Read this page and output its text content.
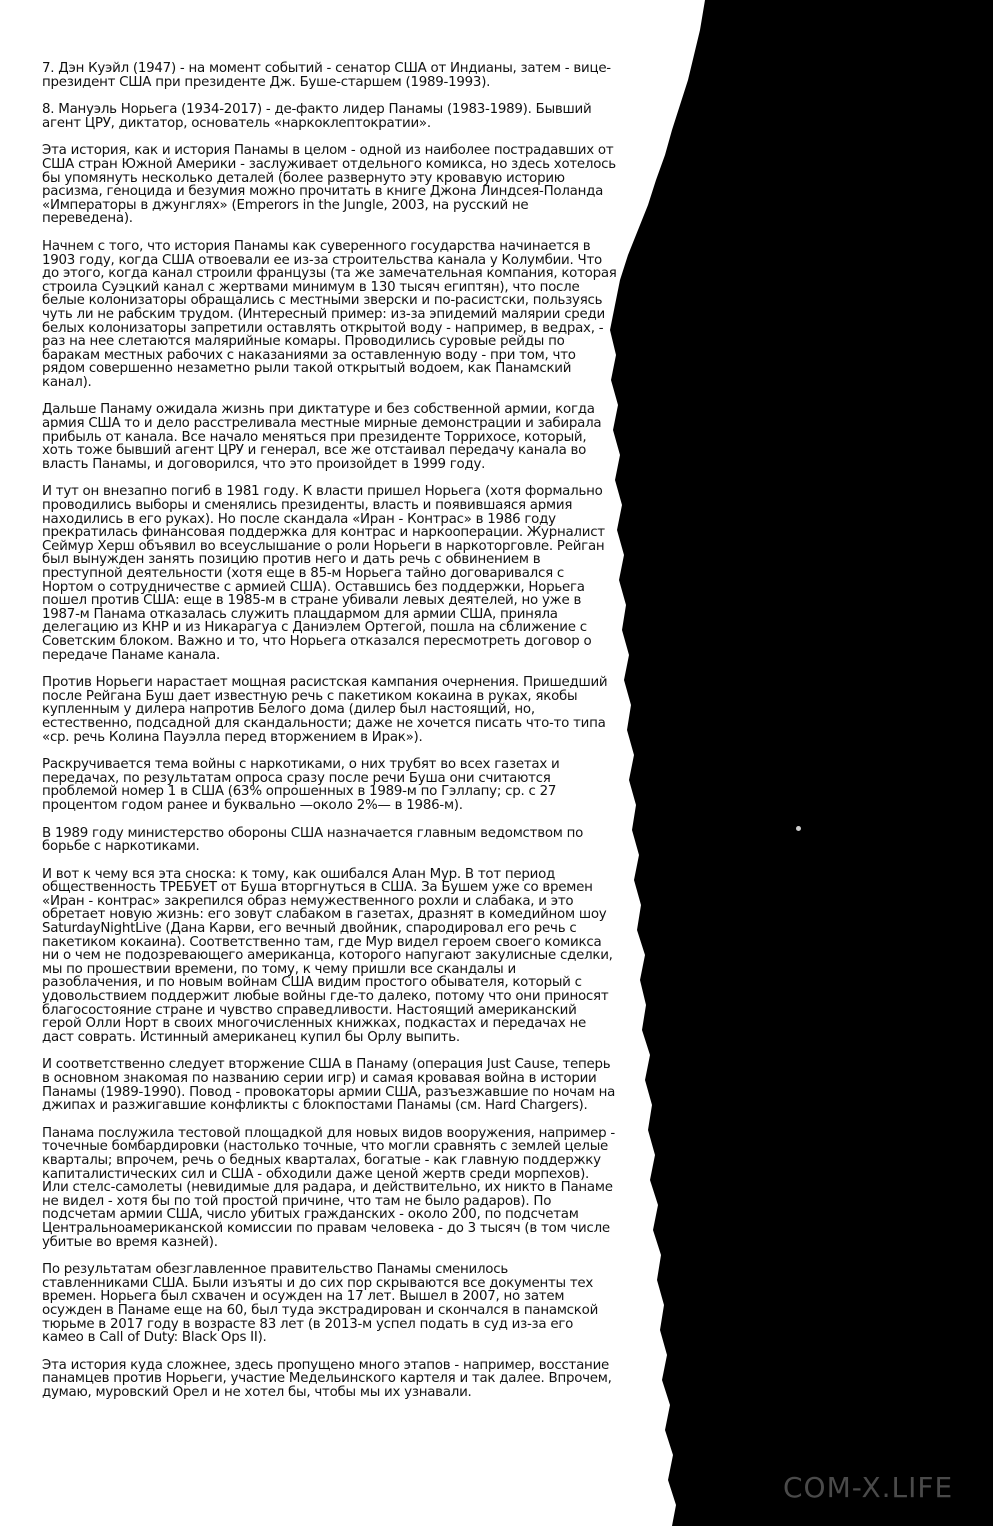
7. Дэн Куэйл (1947) - на момент событий - сенатор США от Индианы, затем - вице-президент США при президенте Дж. Буше-старшем (1989-1993).

8. Мануэль Норьега (1934-2017) - де-факто лидер Панамы (1983-1989). Бывший агент ЦРУ, диктатор, основатель «наркоклептократии».

Эта история, как и история Панамы в целом - одной из наиболее пострадавших от США стран Южной Америки - заслуживает отдельного комикса, но здесь хотелось бы упомянуть несколько деталей (более развернуто эту кровавую историю расизма, геноцида и безумия можно прочитать в книге Джона Линдсея-Поланда «Императоры в джунглях» (Emperors in the Jungle, 2003, на русский не переведена).

Начнем с того, что история Панамы как суверенного государства начинается в 1903 году, когда США отвоевали ее из-за строительства канала у Колумбии. Что до этого, когда канал строили французы (та же замечательная компания, которая строила Суэцкий канал с жертвами минимум в 130 тысяч египтян), что после белые колонизаторы обращались с местными зверски и по-расистски, пользуясь чуть ли не рабским трудом. (Интересный пример: из-за эпидемий малярии среди белых колонизаторы запретили оставлять открытой воду - например, в ведрах, - раз на нее слетаются малярийные комары. Проводились суровые рейды по баракам местных рабочих с наказаниями за оставленную воду - при том, что рядом совершенно незаметно рыли такой открытый водоем, как Панамский канал).

Дальше Панаму ожидала жизнь при диктатуре и без собственной армии, когда армия США то и дело расстреливала местные мирные демонстрации и забирала прибыль от канала. Все начало меняться при президенте Торрихосе, который, хоть тоже бывший агент ЦРУ и генерал, все же отстаивал передачу канала во власть Панамы, и договорился, что это произойдет в 1999 году.

И тут он внезапно погиб в 1981 году. К власти пришел Норьега (хотя формально проводились выборы и сменялись президенты, власть и появившаяся армия находились в его руках). Но после скандала «Иран - Контрас» в 1986 году прекратилась финансовая поддержка для контрас и наркооперации. Журналист Сеймур Херш объявил во всеуслышание о роли Норьеги в наркоторговле. Рейган был вынужден занять позицию против него и дать речь с обвинением в преступной деятельности (хотя еще в 85-м Норьега тайно договаривался с Нортом о сотрудничестве с армией США). Оставшись без поддержки, Норьега пошел против США: еще в 1985-м в стране убивали левых деятелей, но уже в 1987-м Панама отказалась служить плацдармом для армии США, приняла делегацию из КНР и из Никарагуа с Даниэлем Ортегой, пошла на сближение с Советским блоком. Важно и то, что Норьега отказался пересмотреть договор о передаче Панаме канала.

Против Норьеги нарастает мощная расистская кампания очернения. Пришедший после Рейгана Буш дает известную речь с пакетиком кокаина в руках, якобы купленным у дилера напротив Белого дома (дилер был настоящий, но, естественно, подсадной для скандальности; даже не хочется писать что-то типа «ср. речь Колина Пауэлла перед вторжением в Ирак»).

Раскручивается тема войны с наркотиками, о них трубят во всех газетах и передачах, по результатам опроса сразу после речи Буша они считаются проблемой номер 1 в США (63% опрошенных в 1989-м по Гэллапу; ср. с 27 процентом годом ранее и буквально —около 2%— в 1986-м).

В 1989 году министерство обороны США назначается главным ведомством по борьбе с наркотиками.

И вот к чему вся эта сноска: к тому, как ошибался Алан Мур. В тот период общественность ТРЕБУЕТ от Буша вторгнуться в США. За Бушем уже со времен «Иран - контрас» закрепился образ немужественного рохли и слабака, и это обретает новую жизнь: его зовут слабаком в газетах, дразнят в комедийном шоу SaturdayNightLive (Дана Карви, его вечный двойник, спародировал его речь с пакетиком кокаина). Соответственно там, где Мур видел героем своего комикса ни о чем не подозревающего американца, которого напугают закулисные сделки, мы по прошествии времени, по тому, к чему пришли все скандалы и разоблачения, и по новым войнам США видим простого обывателя, который с удовольствием поддержит любые войны где-то далеко, потому что они приносят благосостояние стране и чувство справедливости. Настоящий американский герой Олли Норт в своих многочисленных книжках, подкастах и передачах не даст соврать. Истинный американец купил бы Орлу выпить.

И соответственно следует вторжение США в Панаму (операция Just Cause, теперь в основном знакомая по названию серии игр) и самая кровавая война в истории Панамы (1989-1990). Повод - провокаторы армии США, разъезжавшие по ночам на джипах и разжигавшие конфликты с блокпостами Панамы (см. Hard Chargers).

Панама послужила тестовой площадкой для новых видов вооружения, например - точечные бомбардировки (настолько точные, что могли сравнять с землей целые кварталы; впрочем, речь о бедных кварталах, богатые - как главную поддержку капиталистических сил и США - обходили даже ценой жертв среди морпехов). Или стелс-самолеты (невидимые для радара, и действительно, их никто в Панаме не видел - хотя бы по той простой причине, что там не было радаров). По подсчетам армии США, число убитых гражданских - около 200, по подсчетам Центральноамериканской комиссии по правам человека - до 3 тысяч (в том числе убитые во время казней).

По результатам обезглавленное правительство Панамы сменилось ставленниками США. Были изъяты и до сих пор скрываются все документы тех времен. Норьега был схвачен и осужден на 17 лет. Вышел в 2007, но затем осужден в Панаме еще на 60, был туда экстрадирован и скончался в панамской тюрьме в 2017 году в возрасте 83 лет (в 2013-м успел подать в суд из-за его камео в Call of Duty: Black Ops II).

Эта история куда сложнее, здесь пропущено много этапов - например, восстание панамцев против Норьеги, участие Медельинского картеля и так далее. Впрочем, думаю, муровский Орел и не хотел бы, чтобы мы их узнавали.

COM-X.LIFE
